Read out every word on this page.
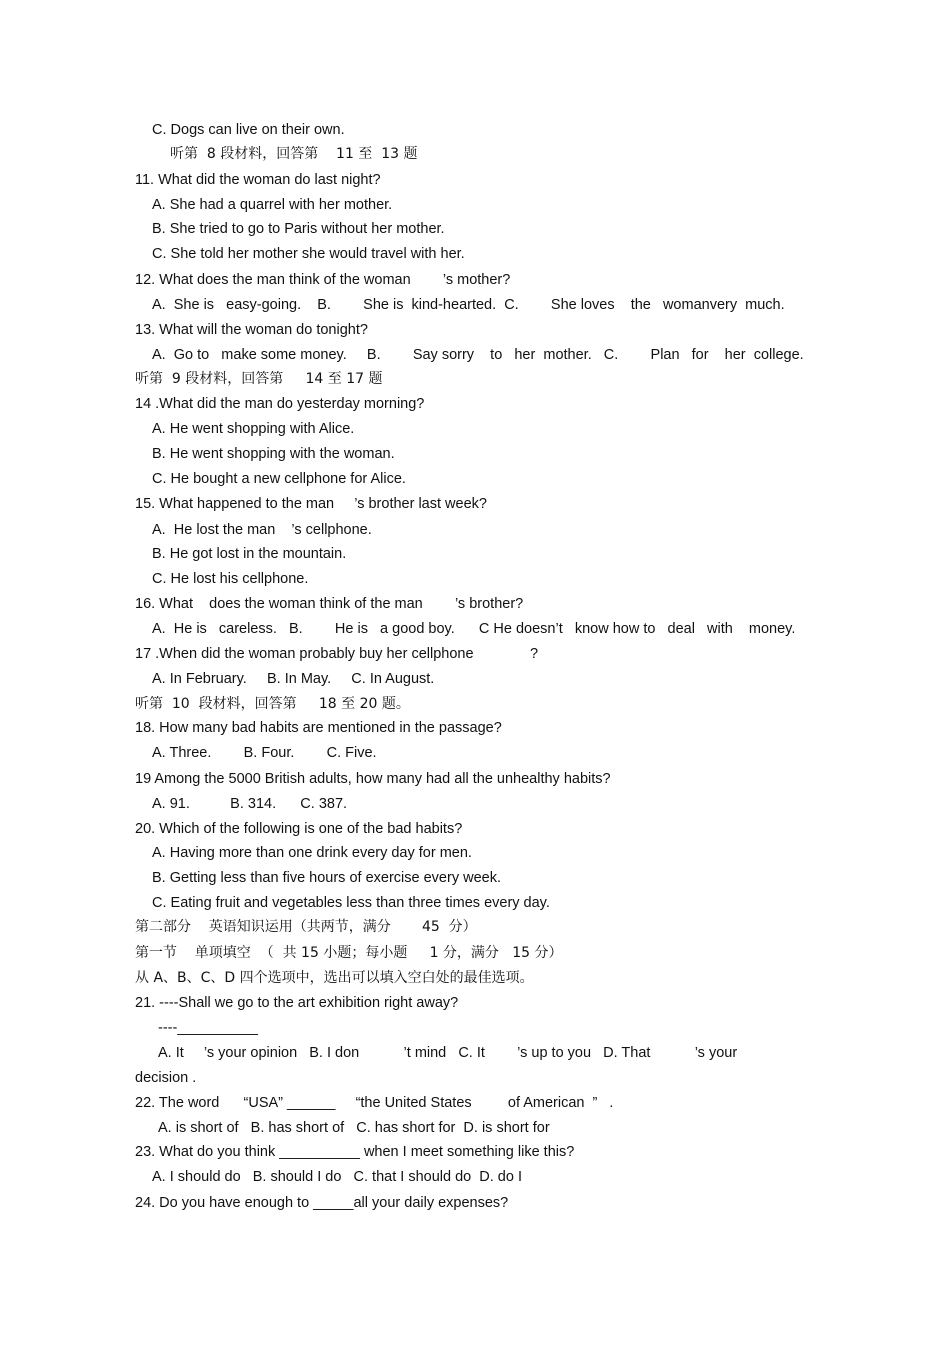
C. Dogs can live on their own.
听第  8 段材料，回答第    11 至  13 题
11. What did the woman do last night?
A. She had a quarrel with her mother.
B. She tried to go to Paris without her mother.
C. She told her mother she would travel with her.
12. What does the man think of the woman        ’s mother?
A.  She is   easy-going.    B.        She is  kind-hearted.  C.        She loves    the   womanvery  much.
13. What will the woman do tonight?
A.  Go to   make some money.     B.        Say sorry    to   her  mother.   C.        Plan   for    her  college.
听第  9 段材料，回答第     14 至 17 题
14 .What did the man do yesterday morning?
A. He went shopping with Alice.
B. He went shopping with the woman.
C. He bought a new cellphone for Alice.
15. What happened to the man     ’s brother last week?
A.  He lost the man    ’s cellphone.
B. He got lost in the mountain.
C. He lost his cellphone.
16. What    does the woman think of the man        ’s brother?
A.  He is   careless.   B.        He is   a good boy.      C He doesn’t   know how to   deal   with    money.
17 .When did the woman probably buy her cellphone              ?
A. In February.     B. In May.     C. In August.
听第  10  段材料，回答第     18 至 20 题。
18. How many bad habits are mentioned in the passage?
A. Three.        B. Four.        C. Five.
19 Among the 5000 British adults, how many had all the unhealthy habits?
A. 91.          B. 314.      C. 387.
20. Which of the following is one of the bad habits?
A. Having more than one drink every day for men.
B. Getting less than five hours of exercise every week.
C. Eating fruit and vegetables less than three times every day.
第二部分    英语知识运用（共两节，满分       45  分）
第一节    单项填空  （  共 15 小题；每小题     1 分，满分   15 分）
从 A、B、C、D 四个选项中，选出可以填入空白处的最佳选项。
21. ----Shall we go to the art exhibition right away?
----__________
A. It     ’s your opinion   B. I don           ’t mind   C. It        ’s up to you   D. That           ’s your
decision .
22. The word      “USA” ______     “the United States         of American  ”   .
A. is short of   B. has short of   C. has short for  D. is short for
23. What do you think __________ when I meet something like this?
A. I should do   B. should I do   C. that I should do  D. do I
24. Do you have enough to _____all your daily expenses?
